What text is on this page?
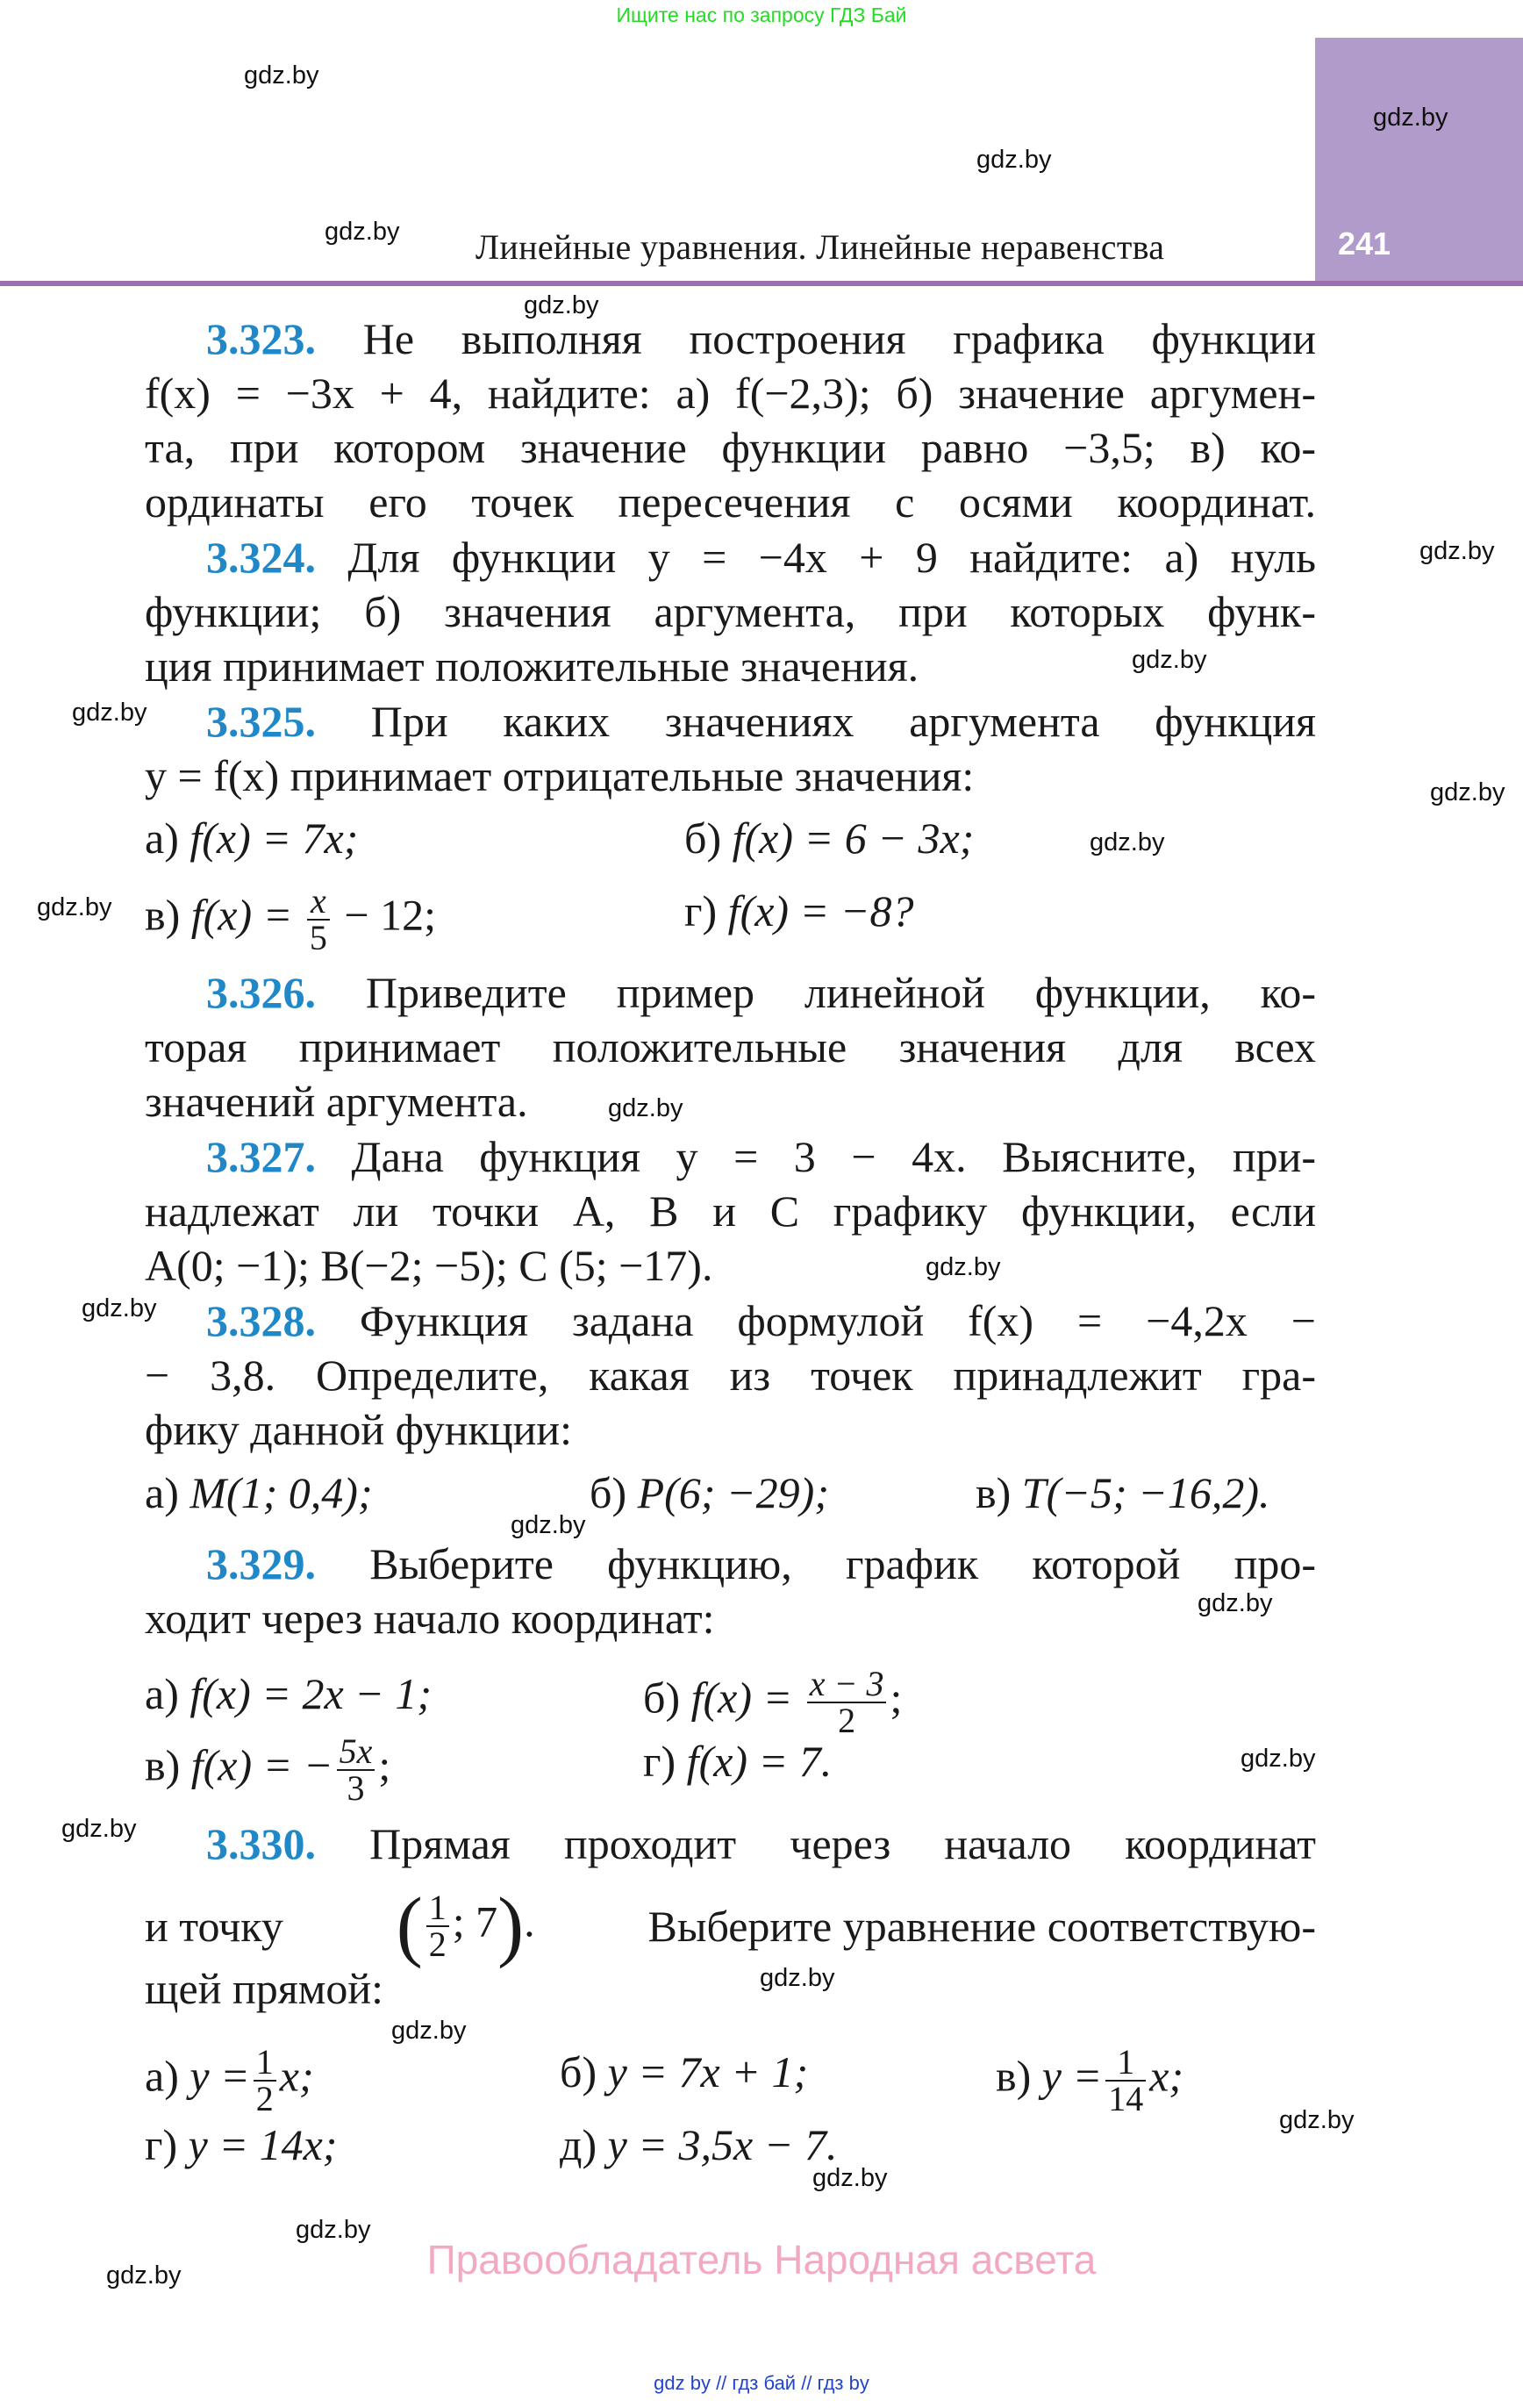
Ищите нас по запросу ГДЗ Бай
241
Линейные уравнения. Линейные неравенства
3.323. Не выполняя построения графика функции
f(x) = −3x + 4, найдите: а) f(−2,3); б) значение аргумен-
та, при котором значение функции равно −3,5; в) ко-
ординаты его точек пересечения с осями координат.
3.324. Для функции y = −4x + 9 найдите: а) нуль
функции; б) значения аргумента, при которых функ-
ция принимает положительные значения.
3.325. При каких значениях аргумента функция
y = f(x) принимает отрицательные значения:
а) f(x) = 7x;	б) f(x) = 6 − 3x;
в) $f(x) = \frac{x}{5} - 12$;	г) f(x) = −8?
3.326. Приведите пример линейной функции, ко-
торая принимает положительные значения для всех
значений аргумента.
3.327. Дана функция y = 3 − 4x. Выясните, при-
надлежат ли точки A, B и C графику функции, если
A(0; −1); B(−2; −5); C (5; −17).
3.328. Функция задана формулой f(x) = −4,2x −
− 3,8. Определите, какая из точек принадлежит гра-
фику данной функции:
а) M(1; 0,4);	б) P(6; −29);	в) T(−5; −16,2).
3.329. Выберите функцию, график которой про-
ходит через начало координат:
а) f(x) = 2x − 1;	б) $f(x) = \frac{x - 3}{2}$ ;
в) f(x) = − $\frac{5x}{3}$ ;	г) f(x) = 7.
3.330. Прямая проходит через начало координат
и точку ( $\frac{1}{2}$ ; 7).	Выберите уравнение соответствую-
щей прямой:
а) $y = \frac{1}{2} x$;	б) y = 7x + 1;	в) $y = \frac{1}{14} x$;
г) y = 14x;	д) y = 3,5x − 7.
gdz.by
gdz.by
gdz.by
gdz.by
gdz.by
gdz.by
gdz.by
gdz.by
gdz.by
gdz.by
gdz.by
gdz.by
gdz.by
gdz.by
gdz.by
gdz.by
gdz.by
gdz.by
gdz.by
gdz.by
gdz.by
gdz.by
gdz.by
gdz.by	Правообладатель Народная асвета
gdz by // гдз бай // гдз by
